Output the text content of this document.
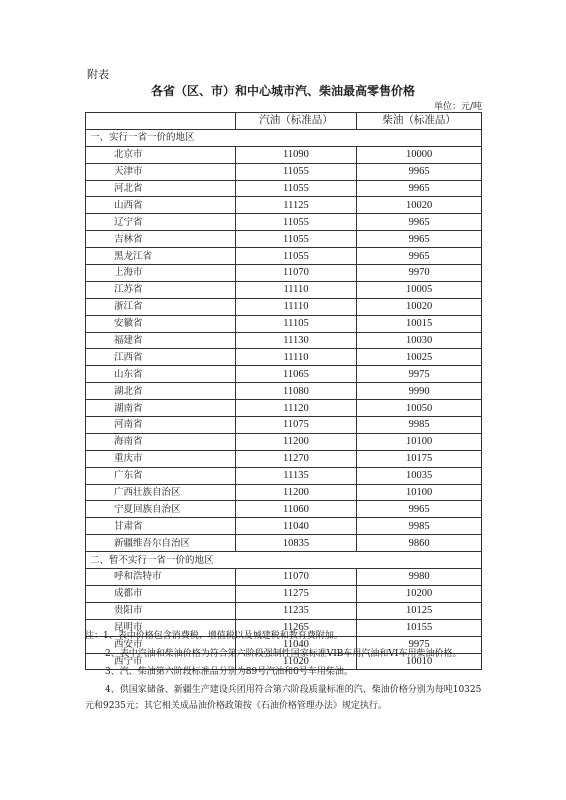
附表
各省（区、市）和中心城市汽、柴油最高零售价格
单位：元/吨
	汽油（标准品）	柴油（标准品）
一、实行一省一价的地区		
北京市	11090	10000
天津市	11055	9965
河北省	11055	9965
山西省	11125	10020
辽宁省	11055	9965
吉林省	11055	9965
黑龙江省	11055	9965
上海市	11070	9970
江苏省	11110	10005
浙江省	11110	10020
安徽省	11105	10015
福建省	11130	10030
江西省	11110	10025
山东省	11065	9975
湖北省	11080	9990
湖南省	11120	10050
河南省	11075	9985
海南省	11200	10100
重庆市	11270	10175
广东省	11135	10035
广西壮族自治区	11200	10100
宁夏回族自治区	11060	9965
甘肃省	11040	9985
新疆维吾尔自治区	10835	9860
二、暂不实行一省一价的地区		
呼和浩特市	11070	9980
成都市	11275	10200
贵阳市	11235	10125
昆明市	11265	10155
西安市	11040	9975
西宁市	11020	10010
注：1、表中价格包含消费税、增值税以及城建税和教育费附加。
2、表中汽油和柴油价格为符合第六阶段强制性国家标准VIB车用汽油和VI车用柴油价格。
3、汽、柴油第六阶段标准品分别为89号汽油和0号车用柴油。
4、供国家储备、新疆生产建设兵团用符合第六阶段质量标准的汽、柴油价格分别为每吨10325元和9235元；其它相关成品油价格政策按《石油价格管理办法》规定执行。
